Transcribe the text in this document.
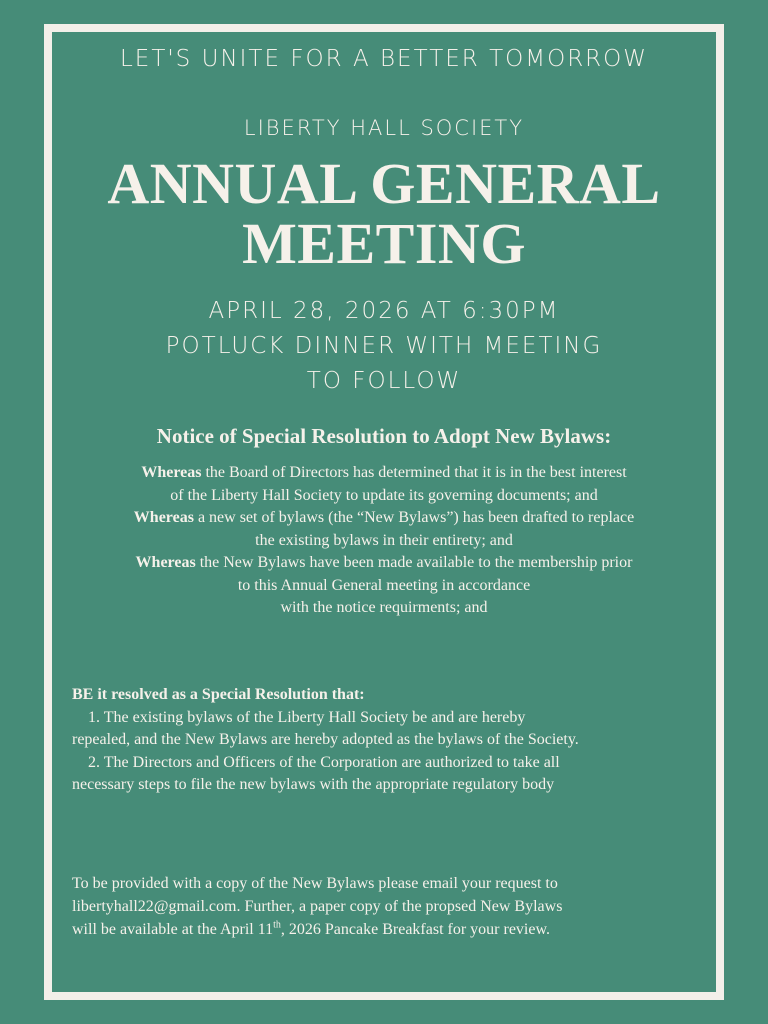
LET'S UNITE FOR A BETTER TOMORROW
LIBERTY HALL SOCIETY
ANNUAL GENERAL
MEETING
APRIL 28, 2026 AT 6:30PM
POTLUCK DINNER WITH MEETING
TO FOLLOW
Notice of Special Resolution to Adopt New Bylaws:

Whereas the Board of Directors has determined that it is in the best interest

of the Liberty Hall Society to update its governing documents; and

Whereas a new set of bylaws (the “New Bylaws”) has been drafted to replace

the existing bylaws in their entirety; and

Whereas the New Bylaws have been made available to the membership prior

to this Annual General meeting in accordance

with the notice requirments; and

BE it resolved as a Special Resolution that:

1. The existing bylaws of the Liberty Hall Society be and are hereby

repealed, and the New Bylaws are hereby adopted as the bylaws of the Society.

2. The Directors and Officers of the Corporation are authorized to take all

necessary steps to file the new bylaws with the appropriate regulatory body

To be provided with a copy of the New Bylaws please email your request to

libertyhall22@gmail.com. Further, a paper copy of the propsed New Bylaws

will be available at the April 11th, 2026 Pancake Breakfast for your review.
